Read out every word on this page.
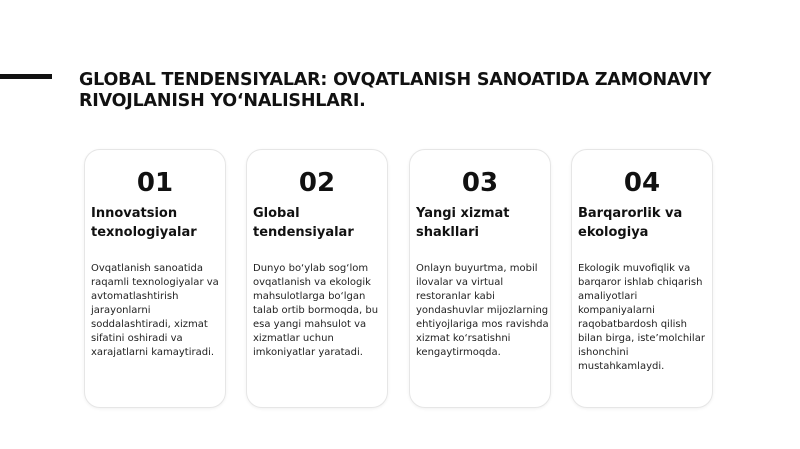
GLOBAL TENDENSIYALAR: OVQATLANISH SANOATIDA ZAMONAVIY RIVOJLANISH YO‘NALISHLARI.
01
Innovatsion texnologiyalar
Ovqatlanish sanoatida raqamli texnologiyalar va avtomatlashtirish jarayonlarni soddalashtiradi, xizmat sifatini oshiradi va xarajatlarni kamaytiradi.
02
Global tendensiyalar
Dunyo bo‘ylab sog‘lom ovqatlanish va ekologik mahsulotlarga bo‘lgan talab ortib bormoqda, bu esa yangi mahsulot va xizmatlar uchun imkoniyatlar yaratadi.
03
Yangi xizmat shakllari
Onlayn buyurtma, mobil ilovalar va virtual restoranlar kabi yondashuvlar mijozlarning ehtiyojlariga mos ravishda xizmat ko‘rsatishni kengaytirmoqda.
04
Barqarorlik va ekologiya
Ekologik muvofiqlik va barqaror ishlab chiqarish amaliyotlari kompaniyalarni raqobatbardosh qilish bilan birga, iste’molchilar ishonchini mustahkamlaydi.
